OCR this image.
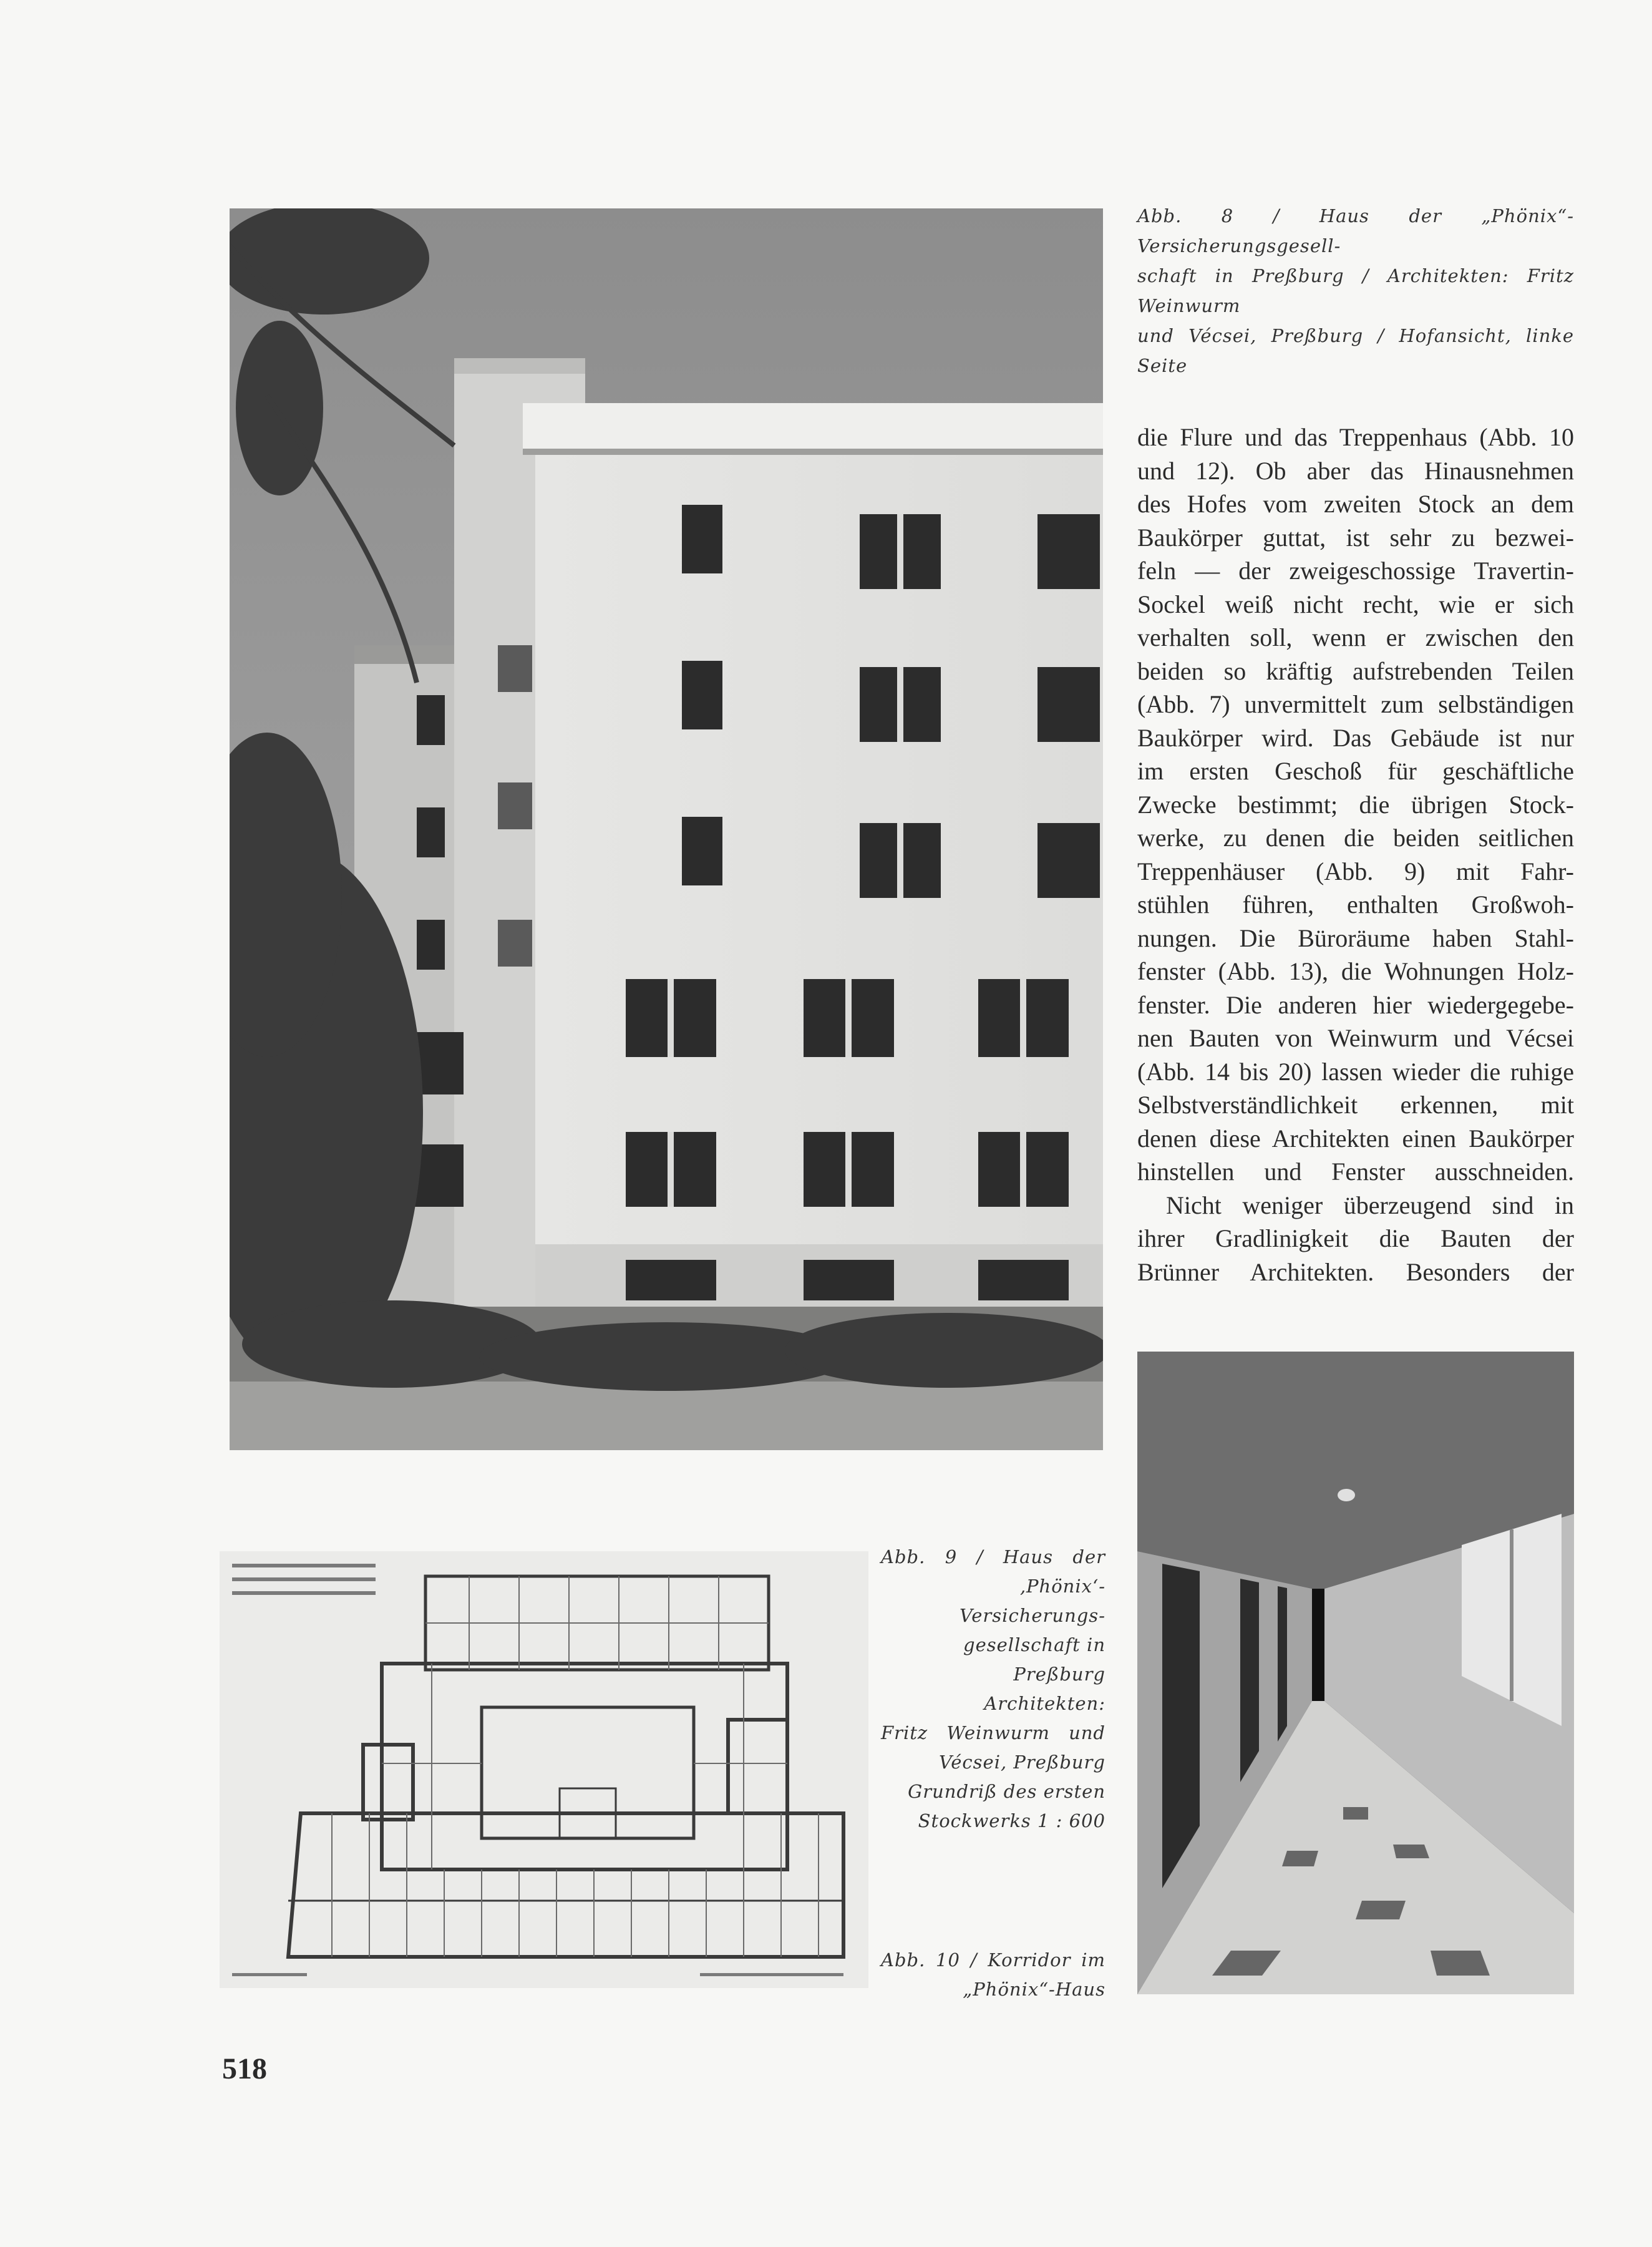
Abb. 8 / Haus der „Phönix“-Versicherungsgesell-
schaft in Preßburg / Architekten: Fritz Weinwurm
und Vécsei, Preßburg / Hofansicht, linke Seite
die Flure und das Treppenhaus (Abb. 10
und 12). Ob aber das Hinausnehmen
des Hofes vom zweiten Stock an dem
Baukörper guttat, ist sehr zu bezwei-
feln — der zweigeschossige Travertin-
Sockel weiß nicht recht, wie er sich
verhalten soll, wenn er zwischen den
beiden so kräftig aufstrebenden Teilen
(Abb. 7) unvermittelt zum selbständigen
Baukörper wird. Das Gebäude ist nur
im ersten Geschoß für geschäftliche
Zwecke bestimmt; die übrigen Stock-
werke, zu denen die beiden seitlichen
Treppenhäuser (Abb. 9) mit Fahr-
stühlen führen, enthalten Großwoh-
nungen. Die Büroräume haben Stahl-
fenster (Abb. 13), die Wohnungen Holz-
fenster. Die anderen hier wiedergegebe-
nen Bauten von Weinwurm und Vécsei
(Abb. 14 bis 20) lassen wieder die ruhige
Selbstverständlichkeit erkennen, mit
denen diese Architekten einen Baukörper
hinstellen und Fenster ausschneiden.
Nicht weniger überzeugend sind in
ihrer Gradlinigkeit die Bauten der
Brünner Architekten. Besonders der
Abb. 9 / Haus der
‚Phönix‘-Versicherungs-
gesellschaft in Preßburg
Architekten:
Fritz Weinwurm und
Vécsei, Preßburg
Grundriß des ersten
Stockwerks 1 : 600
Abb. 10 / Korridor im
„Phönix“-Haus
518
